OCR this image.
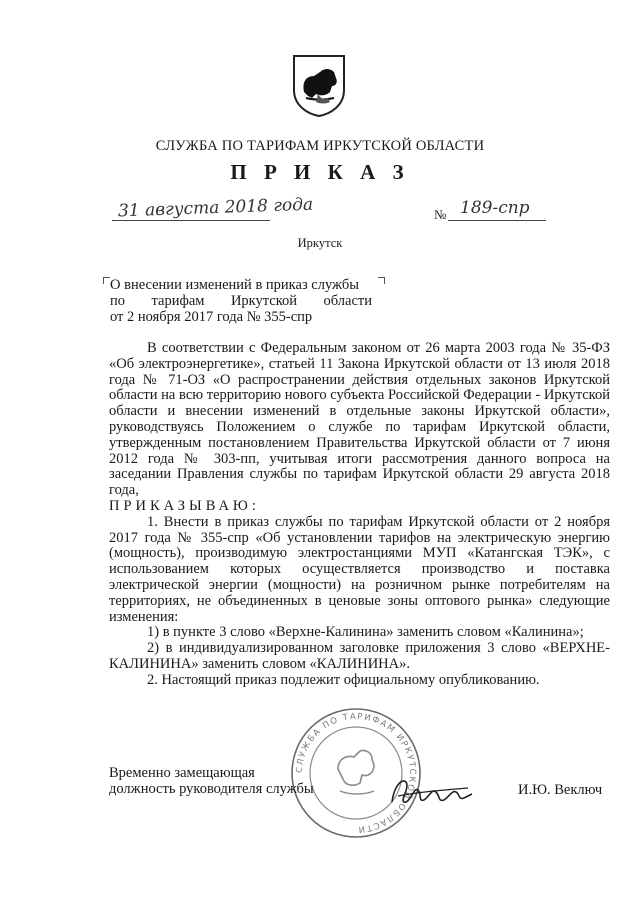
СЛУЖБА ПО ТАРИФАМ ИРКУТСКОЙ ОБЛАСТИ
П Р И К А З
31 августа 2018 года	№ 189-спр
Иркутск
О внесении изменений в приказ службы
по тарифам Иркутской области
от 2 ноября 2017 года № 355-спр

В соответствии с Федеральным законом от 26 марта 2003 года № 35-ФЗ «Об электроэнергетике», статьей 11 Закона Иркутской области от 13 июля 2018 года № 71-ОЗ «О распространении действия отдельных законов Иркутской области на всю территорию нового субъекта Российской Федерации - Иркутской области и внесении изменений в отдельные законы Иркутской области», руководствуясь Положением о службе по тарифам Иркутской области, утвержденным постановлением Правительства Иркутской области от 7 июня 2012 года № 303-пп, учитывая итоги рассмотрения данного вопроса на заседании Правления службы по тарифам Иркутской области 29 августа 2018 года,

ПРИКАЗЫВАЮ:

1. Внести в приказ службы по тарифам Иркутской области от 2 ноября 2017 года № 355-спр «Об установлении тарифов на электрическую энергию (мощность), производимую электростанциями МУП «Катангская ТЭК», с использованием которых осуществляется производство и поставка электрической энергии (мощности) на розничном рынке потребителям на территориях, не объединенных в ценовые зоны оптового рынка» следующие изменения:

1) в пункте 3 слово «Верхне-Калинина» заменить словом «Калинина»;

2) в индивидуализированном заголовке приложения 3 слово «ВЕРХНЕ-КАЛИНИНА» заменить словом «КАЛИНИНА».

2. Настоящий приказ подлежит официальному опубликованию.

СЛУЖБА ПО ТАРИФАМ ИРКУТСКОЙ ОБЛАСТИ
Временно замещающая
должность руководителя службы	И.Ю. Веключ
